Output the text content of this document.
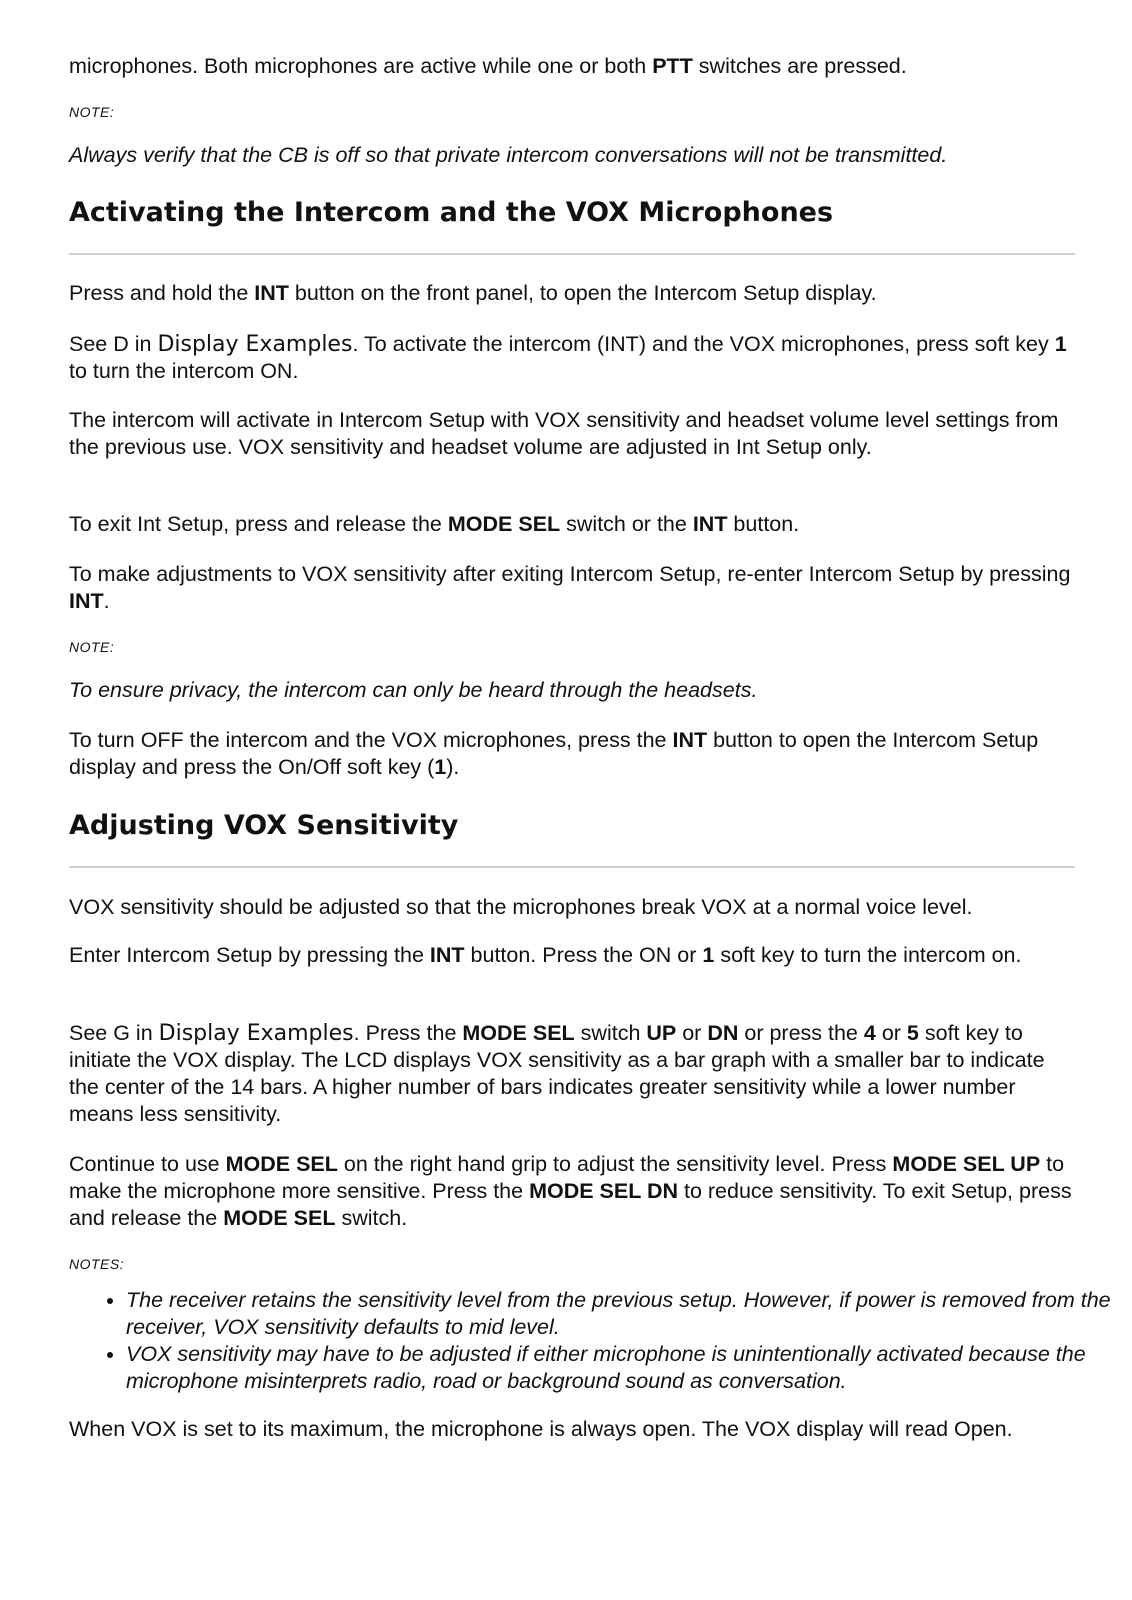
microphones. Both microphones are active while one or both PTT switches are pressed.

NOTE:

Always verify that the CB is off so that private intercom conversations will not be transmitted.

Activating the Intercom and the VOX Microphones

Press and hold the INT button on the front panel, to open the Intercom Setup display.

See D in Display Examples. To activate the intercom (INT) and the VOX microphones, press soft key 1 to turn the intercom ON.

The intercom will activate in Intercom Setup with VOX sensitivity and headset volume level settings from the previous use. VOX sensitivity and headset volume are adjusted in Int Setup only.

To exit Int Setup, press and release the MODE SEL switch or the INT button.

To make adjustments to VOX sensitivity after exiting Intercom Setup, re-enter Intercom Setup by pressing INT.

NOTE:

To ensure privacy, the intercom can only be heard through the headsets.

To turn OFF the intercom and the VOX microphones, press the INT button to open the Intercom Setup display and press the On/Off soft key (1).

Adjusting VOX Sensitivity

VOX sensitivity should be adjusted so that the microphones break VOX at a normal voice level.

Enter Intercom Setup by pressing the INT button. Press the ON or 1 soft key to turn the intercom on.

See G in Display Examples. Press the MODE SEL switch UP or DN or press the 4 or 5 soft key to initiate the VOX display. The LCD displays VOX sensitivity as a bar graph with a smaller bar to indicate the center of the 14 bars. A higher number of bars indicates greater sensitivity while a lower number means less sensitivity.

Continue to use MODE SEL on the right hand grip to adjust the sensitivity level. Press MODE SEL UP to make the microphone more sensitive. Press the MODE SEL DN to reduce sensitivity. To exit Setup, press and release the MODE SEL switch.

NOTES:

• The receiver retains the sensitivity level from the previous setup. However, if power is removed from the receiver, VOX sensitivity defaults to mid level.
• VOX sensitivity may have to be adjusted if either microphone is unintentionally activated because the microphone misinterprets radio, road or background sound as conversation.

When VOX is set to its maximum, the microphone is always open. The VOX display will read Open.
